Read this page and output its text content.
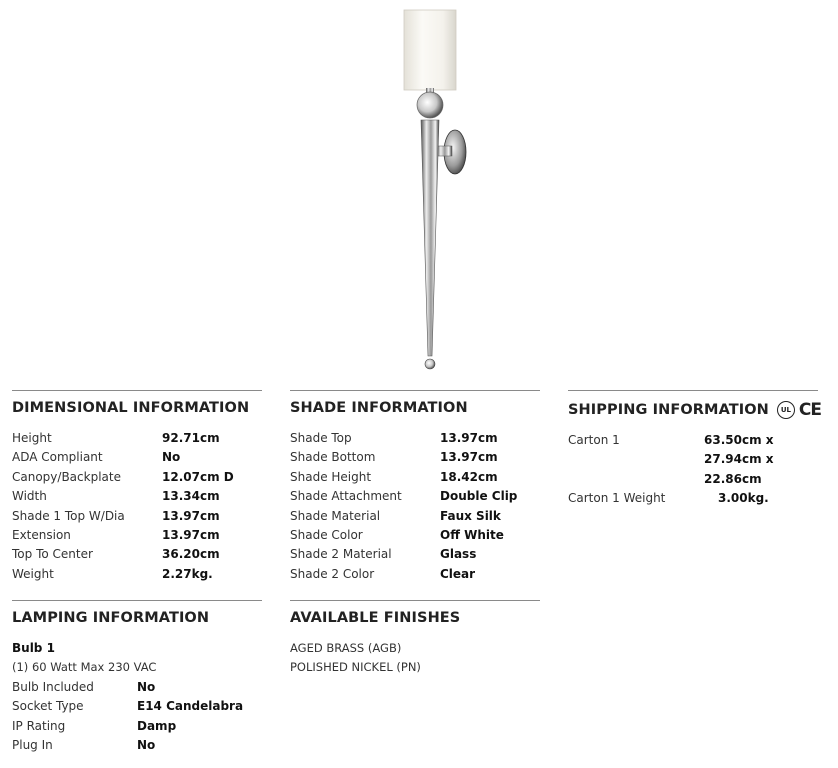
DIMENSIONAL INFORMATION
Height	92.71cm
ADA Compliant	No
Canopy/Backplate	12.07cm D
Width	13.34cm
Shade 1 Top W/Dia	13.97cm
Extension	13.97cm
Top To Center	36.20cm
Weight	2.27kg.
SHADE INFORMATION
Shade Top	13.97cm
Shade Bottom	13.97cm
Shade Height	18.42cm
Shade Attachment	Double Clip
Shade Material	Faux Silk
Shade Color	Off White
Shade 2 Material	Glass
Shade 2 Color	Clear
SHIPPING INFORMATION	UL CE
Carton 1	63.50cm x 27.94cm x 22.86cm
Carton 1 Weight	3.00kg.
LAMPING INFORMATION
Bulb 1
(1) 60 Watt Max 230 VAC
Bulb Included	No
Socket Type	E14 Candelabra
IP Rating	Damp
Plug In	No
AVAILABLE FINISHES
AGED BRASS (AGB)
POLISHED NICKEL (PN)
